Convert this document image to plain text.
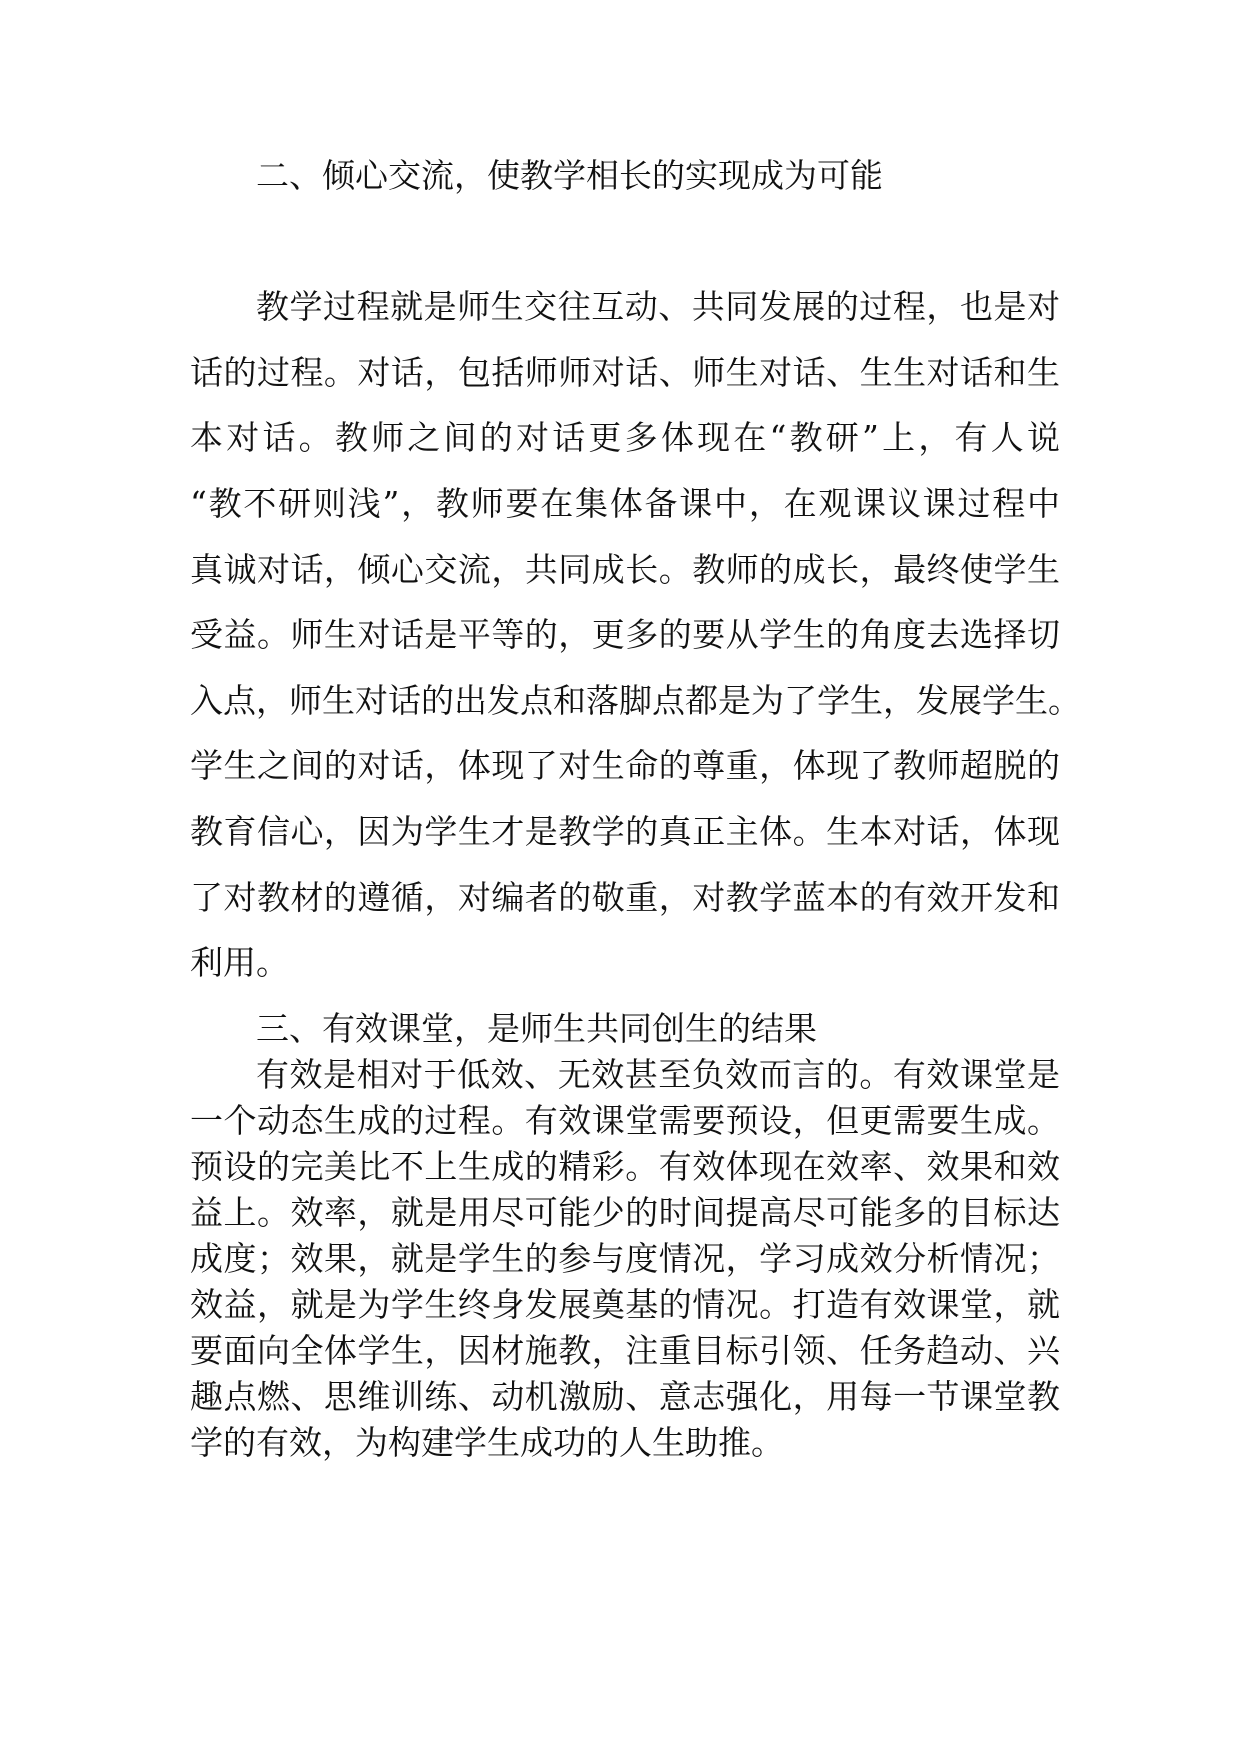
二、倾心交流，使教学相长的实现成为可能

教学过程就是师生交往互动、共同发展的过程，也是对

话的过程。对话，包括师师对话、师生对话、生生对话和生

本对话。教师之间的对话更多体现在“教研”上，有人说

“教不研则浅”，教师要在集体备课中，在观课议课过程中

真诚对话，倾心交流，共同成长。教师的成长，最终使学生

受益。师生对话是平等的，更多的要从学生的角度去选择切

入点，师生对话的出发点和落脚点都是为了学生，发展学生。

学生之间的对话，体现了对生命的尊重，体现了教师超脱的

教育信心，因为学生才是教学的真正主体。生本对话，体现

了对教材的遵循，对编者的敬重，对教学蓝本的有效开发和

利用。

三、有效课堂，是师生共同创生的结果

有效是相对于低效、无效甚至负效而言的。有效课堂是

一个动态生成的过程。有效课堂需要预设，但更需要生成。

预设的完美比不上生成的精彩。有效体现在效率、效果和效

益上。效率，就是用尽可能少的时间提高尽可能多的目标达

成度；效果，就是学生的参与度情况，学习成效分析情况；

效益，就是为学生终身发展奠基的情况。打造有效课堂，就

要面向全体学生，因材施教，注重目标引领、任务趋动、兴

趣点燃、思维训练、动机激励、意志强化，用每一节课堂教

学的有效，为构建学生成功的人生助推。
